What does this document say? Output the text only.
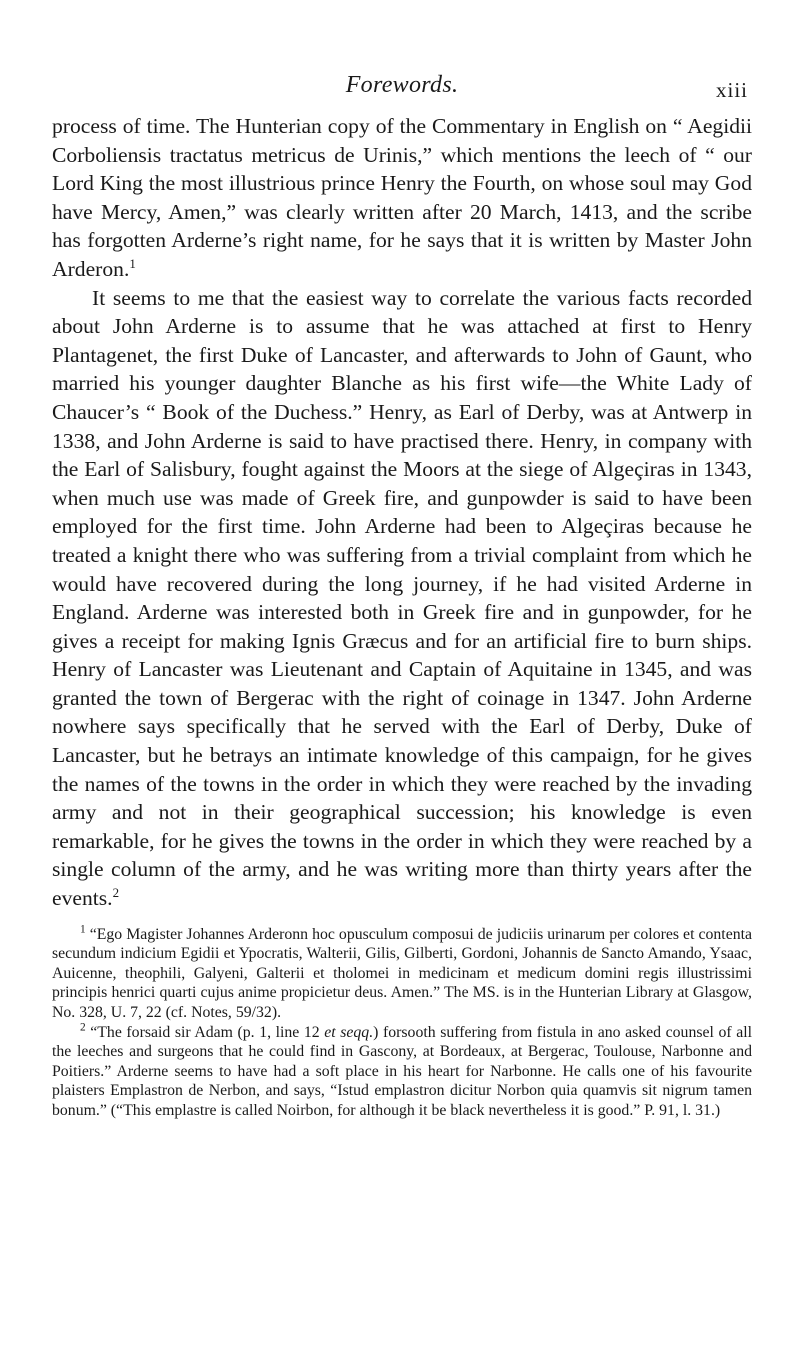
Forewords.	xiii

process of time. The Hunterian copy of the Commentary in English on “ Aegidii Corboliensis tractatus metricus de Urinis,” which mentions the leech of “ our Lord King the most illustrious prince Henry the Fourth, on whose soul may God have Mercy, Amen,” was clearly written after 20 March, 1413, and the scribe has forgotten Arderne’s right name, for he says that it is written by Master John Arderon.$^1$

It seems to me that the easiest way to correlate the various facts recorded about John Arderne is to assume that he was attached at first to Henry Plantagenet, the first Duke of Lancaster, and afterwards to John of Gaunt, who married his younger daughter Blanche as his first wife—the White Lady of Chaucer’s “ Book of the Duchess.” Henry, as Earl of Derby, was at Antwerp in 1338, and John Arderne is said to have practised there. Henry, in company with the Earl of Salisbury, fought against the Moors at the siege of Algeçiras in 1343, when much use was made of Greek fire, and gunpowder is said to have been employed for the first time. John Arderne had been to Algeçiras because he treated a knight there who was suffering from a trivial complaint from which he would have recovered during the long journey, if he had visited Arderne in England. Arderne was interested both in Greek fire and in gunpowder, for he gives a receipt for making Ignis Græcus and for an artificial fire to burn ships. Henry of Lancaster was Lieutenant and Captain of Aquitaine in 1345, and was granted the town of Bergerac with the right of coinage in 1347. John Arderne nowhere says specifically that he served with the Earl of Derby, Duke of Lancaster, but he betrays an intimate knowledge of this campaign, for he gives the names of the towns in the order in which they were reached by the invading army and not in their geographical succession; his knowledge is even remarkable, for he gives the towns in the order in which they were reached by a single column of the army, and he was writing more than thirty years after the events.$^2$

$^1$ “Ego Magister Johannes Arderonn hoc opusculum composui de judiciis urinarum per colores et contenta secundum indicium Egidii et Ypocratis, Walterii, Gilis, Gilberti, Gordoni, Johannis de Sancto Amando, Ysaac, Auicenne, theophili, Galyeni, Galterii et tholomei in medicinam et medicum domini regis illustrissimi principis henrici quarti cujus anime propicietur deus. Amen.” The MS. is in the Hunterian Library at Glasgow, No. 328, U. 7, 22 (cf. Notes, 59/32).

$^2$ “The forsaid sir Adam (p. 1, line 12 et seqq.) forsooth suffering from fistula in ano asked counsel of all the leeches and surgeons that he could find in Gascony, at Bordeaux, at Bergerac, Toulouse, Narbonne and Poitiers.” Arderne seems to have had a soft place in his heart for Narbonne. He calls one of his favourite plaisters Emplastron de Nerbon, and says, “Istud emplastron dicitur Norbon quia quamvis sit nigrum tamen bonum.” (“This emplastre is called Noirbon, for although it be black nevertheless it is good.” P. 91, l. 31.)
